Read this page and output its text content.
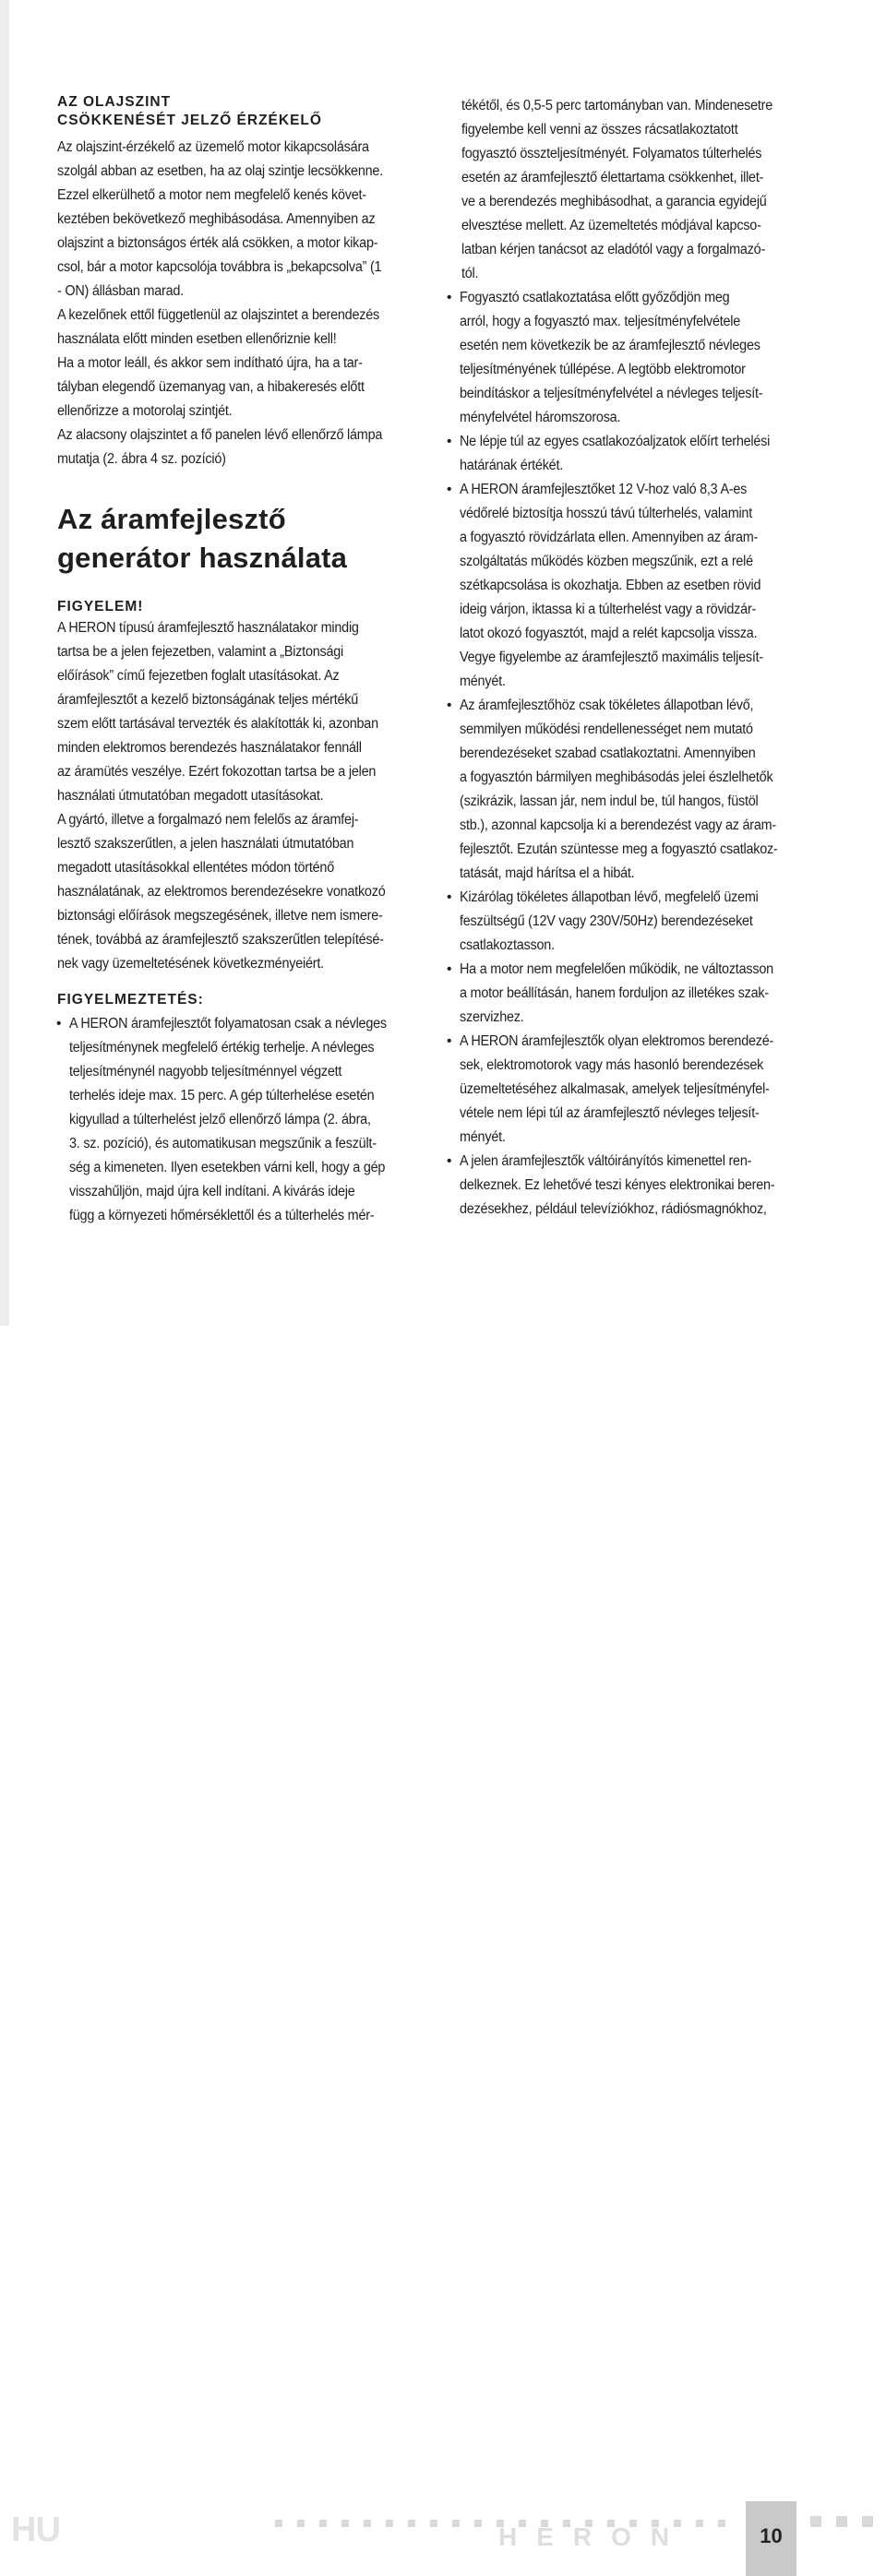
AZ OLAJSZINT
CSÖKKENÉSÉT JELZŐ ÉRZÉKELŐ
Az olajszint-érzékelő az üzemelő motor kikapcsolására
szolgál abban az esetben, ha az olaj szintje lecsökkenne.
Ezzel elkerülhető a motor nem megfelelő kenés követ-
keztében bekövetkező meghibásodása. Amennyiben az
olajszint a biztonságos érték alá csökken, a motor kikap-
csol, bár a motor kapcsolója továbbra is „bekapcsolva” (1
- ON) állásban marad.
A kezelőnek ettől függetlenül az olajszintet a berendezés
használata előtt minden esetben ellenőriznie kell!
Ha a motor leáll, és akkor sem indítható újra, ha a tar-
tályban elegendő üzemanyag van, a hibakeresés előtt
ellenőrizze a motorolaj szintjét.
Az alacsony olajszintet a fő panelen lévő ellenőrző lámpa
mutatja (2. ábra 4 sz. pozíció)
Az áramfejlesztő
generátor használata
FIGYELEM!
A HERON típusú áramfejlesztő használatakor mindig
tartsa be a jelen fejezetben, valamint a „Biztonsági
előírások” című fejezetben foglalt utasításokat. Az
áramfejlesztőt a kezelő biztonságának teljes mértékű
szem előtt tartásával tervezték és alakították ki, azonban
minden elektromos berendezés használatakor fennáll
az áramütés veszélye. Ezért fokozottan tartsa be a jelen
használati útmutatóban megadott utasításokat.
A gyártó, illetve a forgalmazó nem felelős az áramfej-
lesztő szakszerűtlen, a jelen használati útmutatóban
megadott utasításokkal ellentétes módon történő
használatának, az elektromos berendezésekre vonatkozó
biztonsági előírások megszegésének, illetve nem ismere-
tének, továbbá az áramfejlesztő szakszerűtlen telepítésé-
nek vagy üzemeltetésének következményeiért.
FIGYELMEZTETÉS:
• A HERON áramfejlesztőt folyamatosan csak a névleges
teljesítménynek megfelelő értékig terhelje. A névleges
teljesítménynél nagyobb teljesítménnyel végzett
terhelés ideje max. 15 perc. A gép túlterhelése esetén
kigyullad a túlterhelést jelző ellenőrző lámpa (2. ábra,
3. sz. pozíció), és automatikusan megszűnik a feszült-
ség a kimeneten. Ilyen esetekben várni kell, hogy a gép
visszahűljön, majd újra kell indítani. A kivárás ideje
függ a környezeti hőmérséklettől és a túlterhelés mér-
tékétől, és 0,5-5 perc tartományban van. Mindenesetre
figyelembe kell venni az összes rácsatlakoztatott
fogyasztó összteljesítményét. Folyamatos túlterhelés
esetén az áramfejlesztő élettartama csökkenhet, illet-
ve a berendezés meghibásodhat, a garancia egyidejű
elvesztése mellett. Az üzemeltetés módjával kapcso-
latban kérjen tanácsot az eladótól vagy a forgalmazó-
tól.
• Fogyasztó csatlakoztatása előtt győződjön meg
arról, hogy a fogyasztó max. teljesítményfelvétele
esetén nem következik be az áramfejlesztő névleges
teljesítményének túllépése. A legtöbb elektromotor
beindításkor a teljesítményfelvétel a névleges teljesít-
ményfelvétel háromszorosa.
• Ne lépje túl az egyes csatlakozóaljzatok előírt terhelési
határának értékét.
• A HERON áramfejlesztőket 12 V-hoz való 8,3 A-es
védőrelé biztosítja hosszú távú túlterhelés, valamint
a fogyasztó rövidzárlata ellen. Amennyiben az áram-
szolgáltatás működés közben megszűnik, ezt a relé
szétkapcsolása is okozhatja. Ebben az esetben rövid
ideig várjon, iktassa ki a túlterhelést vagy a rövidzár-
latot okozó fogyasztót, majd a relét kapcsolja vissza.
Vegye figyelembe az áramfejlesztő maximális teljesít-
ményét.
• Az áramfejlesztőhöz csak tökéletes állapotban lévő,
semmilyen működési rendellenességet nem mutató
berendezéseket szabad csatlakoztatni. Amennyiben
a fogyasztón bármilyen meghibásodás jelei észlelhetők
(szikrázik, lassan jár, nem indul be, túl hangos, füstöl
stb.), azonnal kapcsolja ki a berendezést vagy az áram-
fejlesztőt. Ezután szüntesse meg a fogyasztó csatlakoz-
tatását, majd hárítsa el a hibát.
• Kizárólag tökéletes állapotban lévő, megfelelő üzemi
feszültségű (12V vagy 230V/50Hz) berendezéseket
csatlakoztasson.
• Ha a motor nem megfelelően működik, ne változtasson
a motor beállításán, hanem forduljon az illetékes szak-
szervizhez.
• A HERON áramfejlesztők olyan elektromos berendezé-
sek, elektromotorok vagy más hasonló berendezések
üzemeltetéséhez alkalmasak, amelyek teljesítményfel-
vétele nem lépi túl az áramfejlesztő névleges teljesít-
ményét.
• A jelen áramfejlesztők váltóirányítós kimenettel ren-
delkeznek. Ez lehetővé teszi kényes elektronikai beren-
dezésekhez, például televíziókhoz, rádiósmagnókhoz,
HU	HERON	10
